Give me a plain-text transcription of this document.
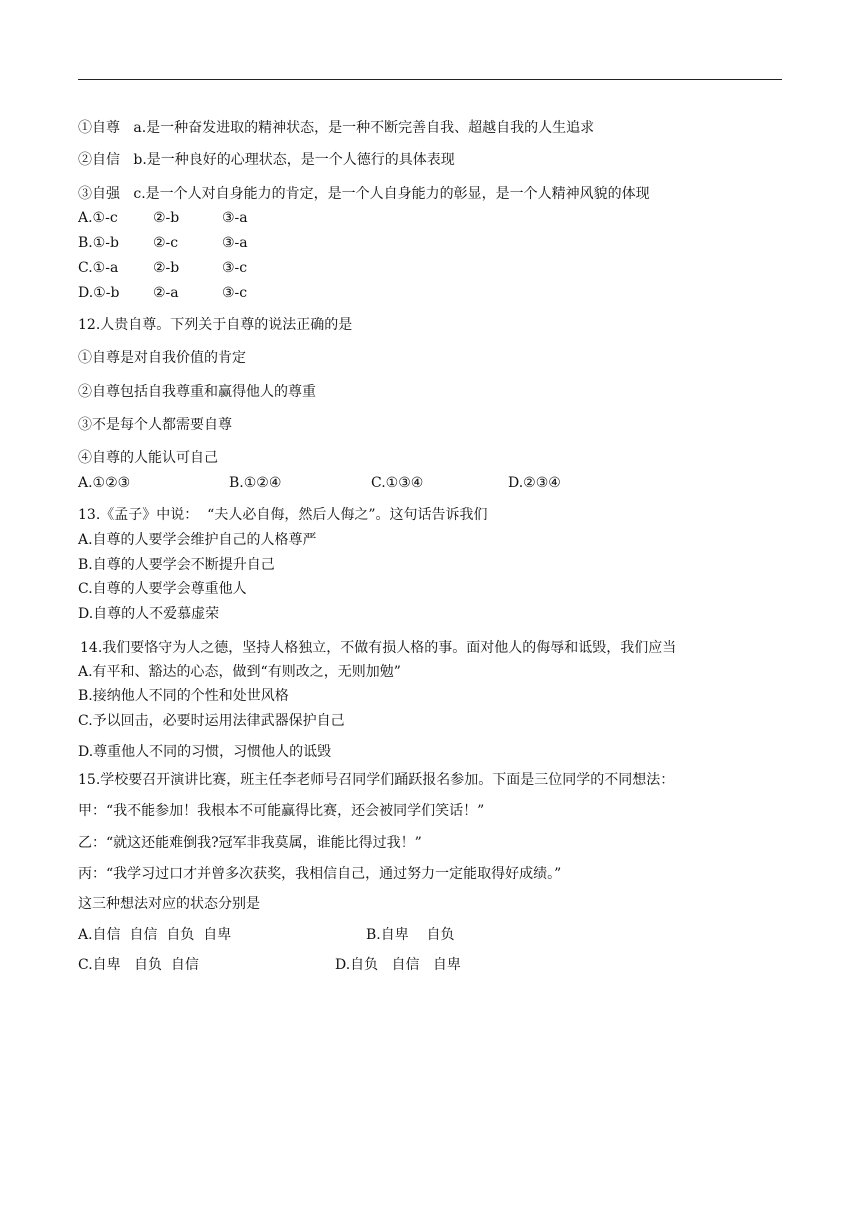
①自尊 a.是一种奋发进取的精神状态，是一种不断完善自我、超越自我的人生追求
②自信 b.是一种良好的心理状态，是一个人德行的具体表现
③自强 c.是一个人对自身能力的肯定，是一个人自身能力的彰显，是一个人精神风貌的体现
A.①-c	②-b	③-a
B.①-b ②-c	③-a
C.①-a ②-b	③-c
D.①-b ②-a	③-c
12.人贵自尊。下列关于自尊的说法正确的是
①自尊是对自我价值的肯定
②自尊包括自我尊重和赢得他人的尊重
③不是每个人都需要自尊
④自尊的人能认可自己
A.①②③	B.①②④	C.①③④	D.②③④
13.《孟子》中说：  “夫人必自侮，然后人侮之”。这句话告诉我们
A.自尊的人要学会维护自己的人格尊严
B.自尊的人要学会不断提升自己
C.自尊的人要学会尊重他人
D.自尊的人不爱慕虚荣
14.我们要恪守为人之德，坚持人格独立，不做有损人格的事。面对他人的侮辱和诋毁，我们应当
A.有平和、豁达的心态，做到“有则改之，无则加勉”
B.接纳他人不同的个性和处世风格
C.予以回击，必要时运用法律武器保护自己
D.尊重他人不同的习惯，习惯他人的诋毁
15.学校要召开演讲比赛，班主任李老师号召同学们踊跃报名参加。下面是三位同学的不同想法：
甲：“我不能参加！我根本不可能赢得比赛，还会被同学们笑话！”
乙：“就这还能难倒我?冠军非我莫属，谁能比得过我！”
丙：“我学习过口才并曾多次获奖，我相信自己，通过努力一定能取得好成绩。”
这三种想法对应的状态分别是
A.自信  自信  自负  自卑	B.自卑    自负
C.自卑   自负  自信	D.自负   自信   自卑
